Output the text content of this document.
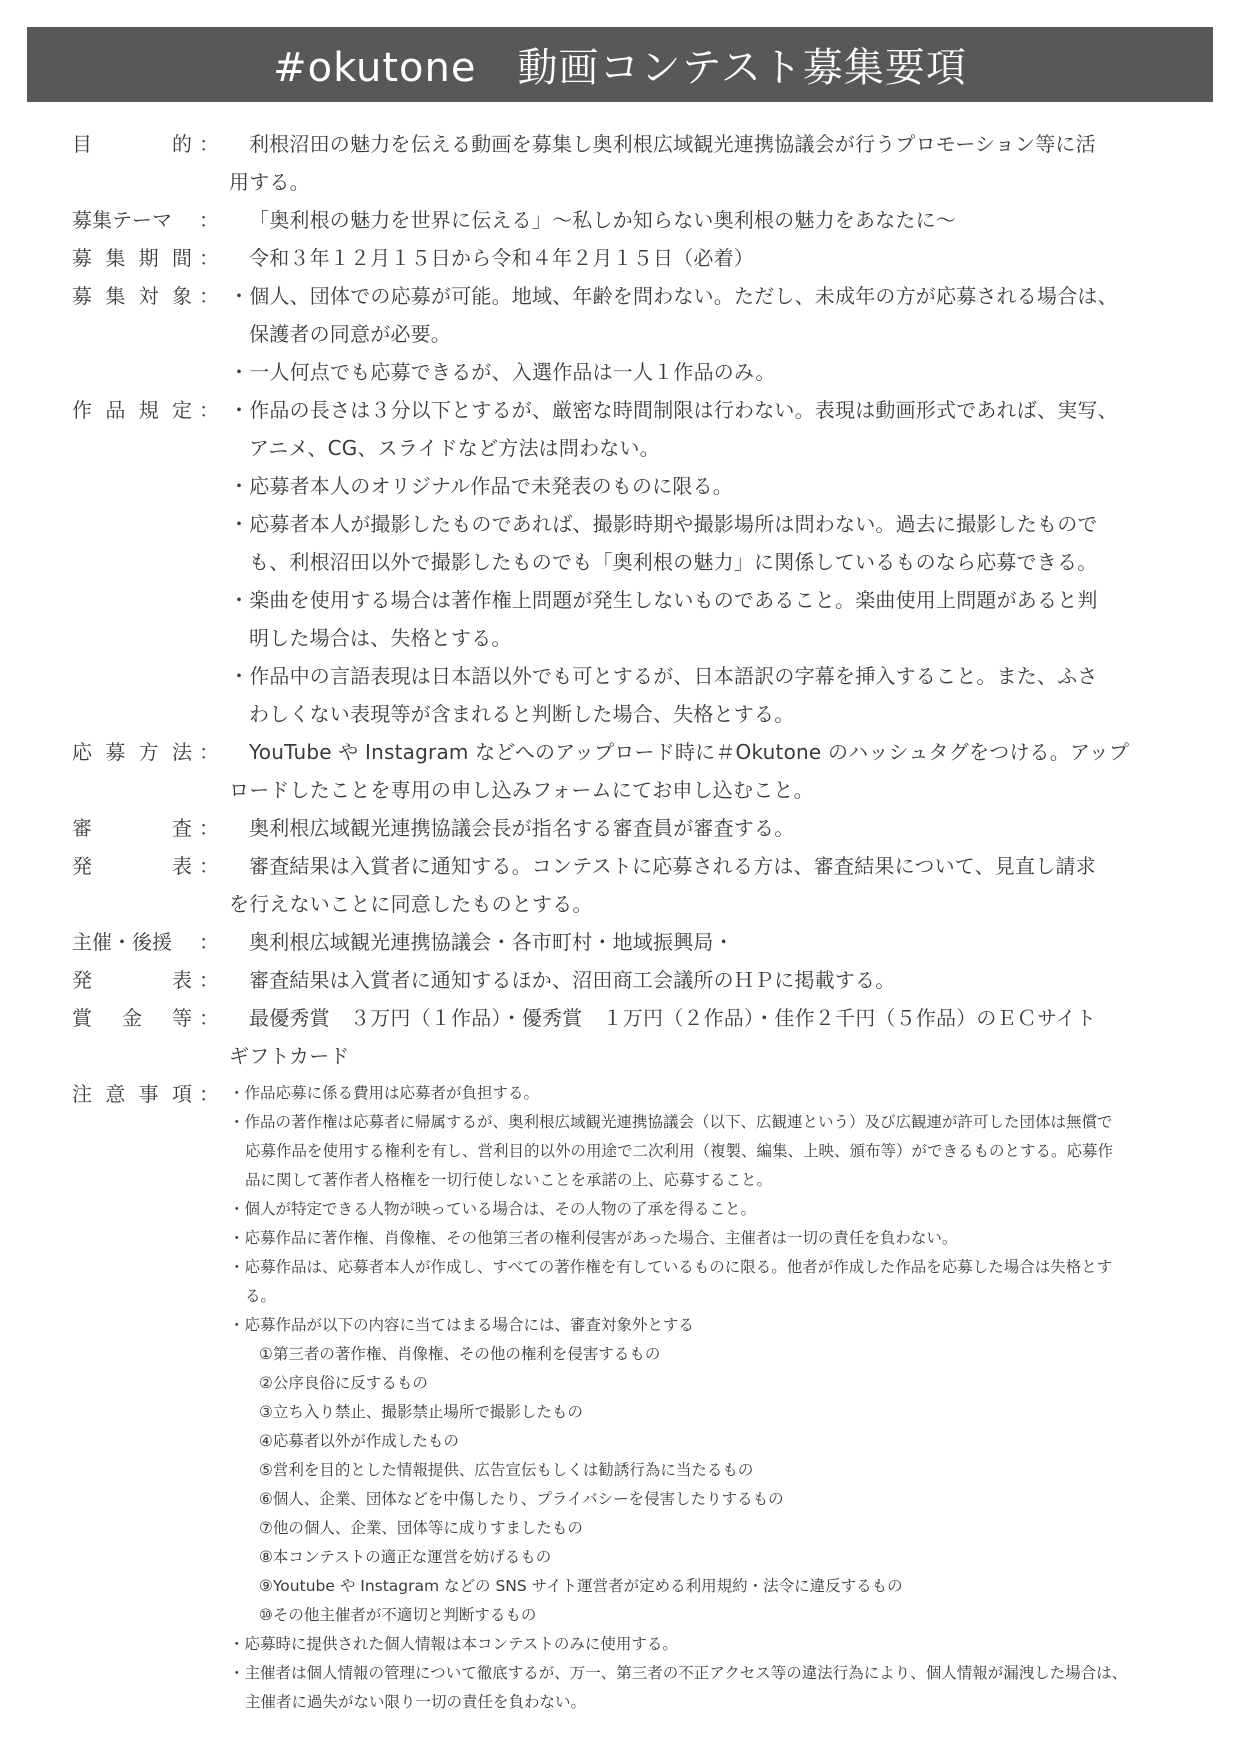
#okutone　動画コンテスト募集要項
目	的 ：	利根沼田の魅力を伝える動画を募集し奥利根広域観光連携協議会が行うプロモーション等に活
用する。
募集テーマ ：	「奥利根の魅力を世界に伝える」〜私しか知らない奥利根の魅力をあなたに〜
募 集 期 間 ：	令和３年１２月１５日から令和４年２月１５日（必着）
募 集 対 象 ： ・個人、団体での応募が可能。地域、年齢を問わない。ただし、未成年の方が応募される場合は、
保護者の同意が必要。
・一人何点でも応募できるが、入選作品は一人１作品のみ。
作 品 規 定 ： ・作品の長さは３分以下とするが、厳密な時間制限は行わない。表現は動画形式であれば、実写、
アニメ、CG、スライドなど方法は問わない。
・応募者本人のオリジナル作品で未発表のものに限る。
・応募者本人が撮影したものであれば、撮影時期や撮影場所は問わない。過去に撮影したもので
も、利根沼田以外で撮影したものでも「奥利根の魅力」に関係しているものなら応募できる。
・楽曲を使用する場合は著作権上問題が発生しないものであること。楽曲使用上問題があると判
明した場合は、失格とする。
・作品中の言語表現は日本語以外でも可とするが、日本語訳の字幕を挿入すること。また、ふさ
わしくない表現等が含まれると判断した場合、失格とする。
応 募 方 法 ：	YouTube や Instagram などへのアップロード時に＃Okutone のハッシュタグをつける。アップ
ロードしたことを専用の申し込みフォームにてお申し込むこと。
審	査 ：	奥利根広域観光連携協議会長が指名する審査員が審査する。
発	表 ：	審査結果は入賞者に通知する。コンテストに応募される方は、審査結果について、見直し請求
を行えないことに同意したものとする。
主催・後援 ：	奥利根広域観光連携協議会・各市町村・地域振興局・
発	表 ：	審査結果は入賞者に通知するほか、沼田商工会議所のＨＰに掲載する。
賞 金 等 ：	最優秀賞　３万円（１作品）・優秀賞　１万円（２作品）・佳作２千円（５作品）のＥＣサイト
ギフトカード
注 意 事 項 ： ・作品応募に係る費用は応募者が負担する。
・作品の著作権は応募者に帰属するが、奥利根広域観光連携協議会（以下、広観連という）及び広観連が許可した団体は無償で
応募作品を使用する権利を有し、営利目的以外の用途で二次利用（複製、編集、上映、頒布等）ができるものとする。応募作
品に関して著作者人格権を一切行使しないことを承諾の上、応募すること。
・個人が特定できる人物が映っている場合は、その人物の了承を得ること。
・応募作品に著作権、肖像権、その他第三者の権利侵害があった場合、主催者は一切の責任を負わない。
・応募作品は、応募者本人が作成し、すべての著作権を有しているものに限る。他者が作成した作品を応募した場合は失格とす
る。
・応募作品が以下の内容に当てはまる場合には、審査対象外とする
①第三者の著作権、肖像権、その他の権利を侵害するもの
②公序良俗に反するもの
③立ち入り禁止、撮影禁止場所で撮影したもの
④応募者以外が作成したもの
⑤営利を目的とした情報提供、広告宣伝もしくは勧誘行為に当たるもの
⑥個人、企業、団体などを中傷したり、プライバシーを侵害したりするもの
⑦他の個人、企業、団体等に成りすましたもの
⑧本コンテストの適正な運営を妨げるもの
⑨Youtube や Instagram などの SNS サイト運営者が定める利用規約・法令に違反するもの
⑩その他主催者が不適切と判断するもの
・応募時に提供された個人情報は本コンテストのみに使用する。
・主催者は個人情報の管理について徹底するが、万一、第三者の不正アクセス等の違法行為により、個人情報が漏洩した場合は、
主催者に過失がない限り一切の責任を負わない。
